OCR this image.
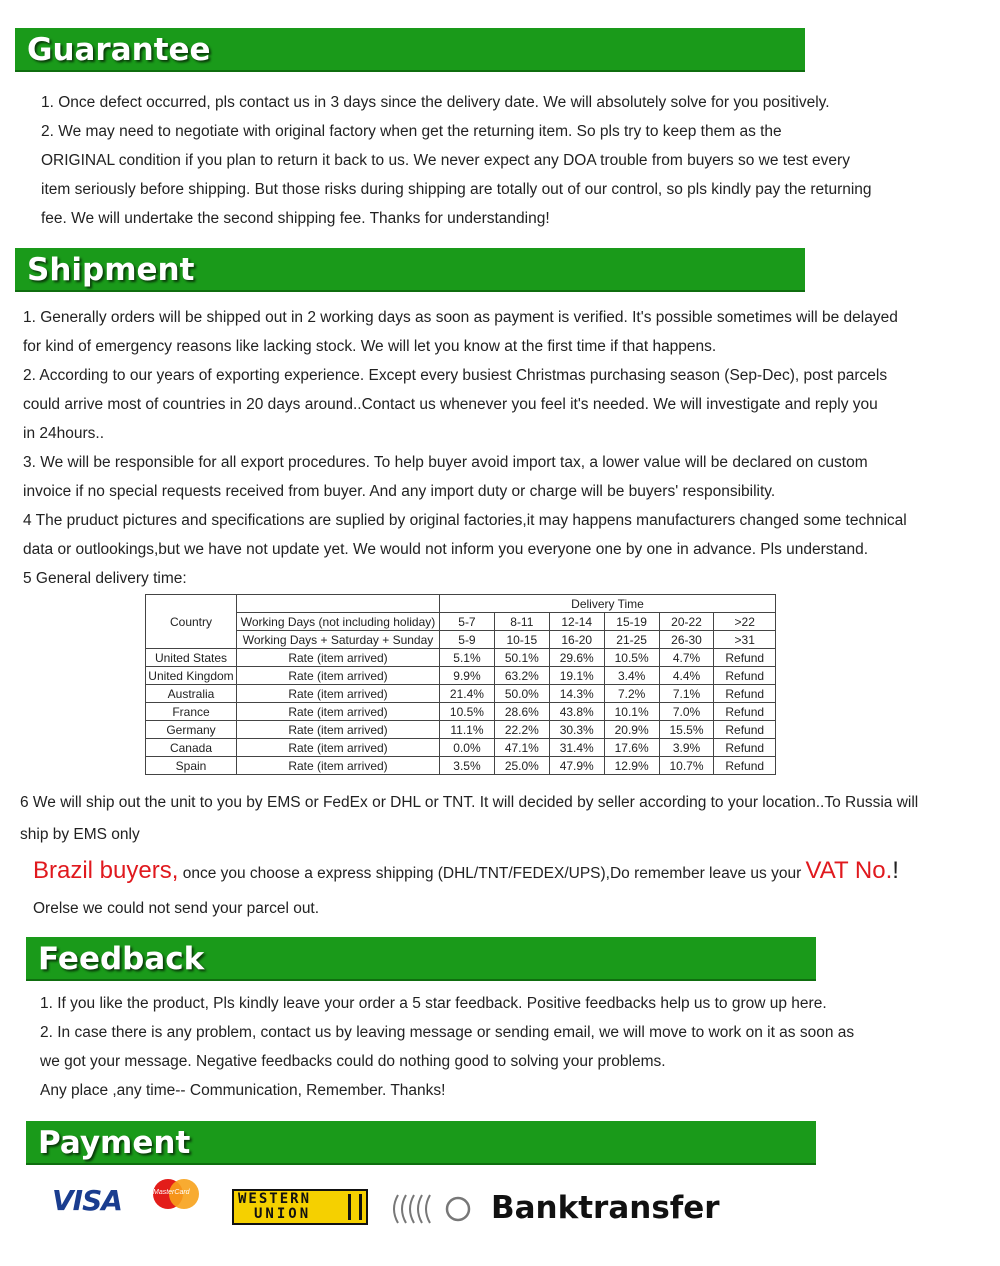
Guarantee

1. Once defect occurred, pls contact us in 3 days since the delivery date. We will absolutely solve for you positively.

2. We may need to negotiate with original factory when get the returning item. So pls try to keep them as the

ORIGINAL condition if you plan to return it back to us. We never expect any DOA trouble from buyers so we test every

item seriously before shipping. But those risks during shipping are totally out of our control, so pls kindly pay the returning

fee. We will undertake the second shipping fee. Thanks for understanding!

Shipment

1. Generally orders will be shipped out in 2 working days as soon as payment is verified. It's possible sometimes will be delayed

for kind of emergency reasons like lacking stock. We will let you know at the first time if that happens.

2. According to our years of exporting experience. Except every busiest Christmas purchasing season (Sep-Dec), post parcels

could arrive most of countries in 20 days around..Contact us whenever you feel it's needed. We will investigate and reply you

in 24hours..

3. We will be responsible for all export procedures. To help buyer avoid import tax, a lower value will be declared on custom

invoice if no special requests received from buyer. And any import duty or charge will be buyers' responsibility.

4 The pruduct pictures and specifications are suplied by original factories,it may happens manufacturers changed some technical

data or outlookings,but we have not update yet. We would not inform you everyone one by one in advance. Pls understand.

5 General delivery time:

Country		Delivery Time					
	Working Days (not including holiday)	5-7	8-11	12-14	15-19	20-22	>22
	Working Days + Saturday + Sunday	5-9	10-15	16-20	21-25	26-30	>31
United States	Rate (item arrived)	5.1%	50.1%	29.6%	10.5%	4.7%	Refund
United Kingdom	Rate (item arrived)	9.9%	63.2%	19.1%	3.4%	4.4%	Refund
Australia	Rate (item arrived)	21.4%	50.0%	14.3%	7.2%	7.1%	Refund
France	Rate (item arrived)	10.5%	28.6%	43.8%	10.1%	7.0%	Refund
Germany	Rate (item arrived)	11.1%	22.2%	30.3%	20.9%	15.5%	Refund
Canada	Rate (item arrived)	0.0%	47.1%	31.4%	17.6%	3.9%	Refund
Spain	Rate (item arrived)	3.5%	25.0%	47.9%	12.9%	10.7%	Refund

6 We will ship out the unit to you by EMS or FedEx or DHL or TNT. It will decided by seller according to your location..To Russia will

ship by EMS only

Brazil buyers, once you choose a express shipping (DHL/TNT/FEDEX/UPS),Do remember leave us your VAT No.!
Orelse we could not send your parcel out.
Feedback

1. If you like the product, Pls kindly leave your order a 5 star feedback. Positive feedbacks help us to grow up here.

2. In case there is any problem, contact us by leaving message or sending email, we will move to work on it as soon as

we got your message. Negative feedbacks could do nothing good to solving your problems.

Any place ,any time-- Communication, Remember. Thanks!

Payment
VISA	MasterCard	WESTERN
UNION	Banktransfer
